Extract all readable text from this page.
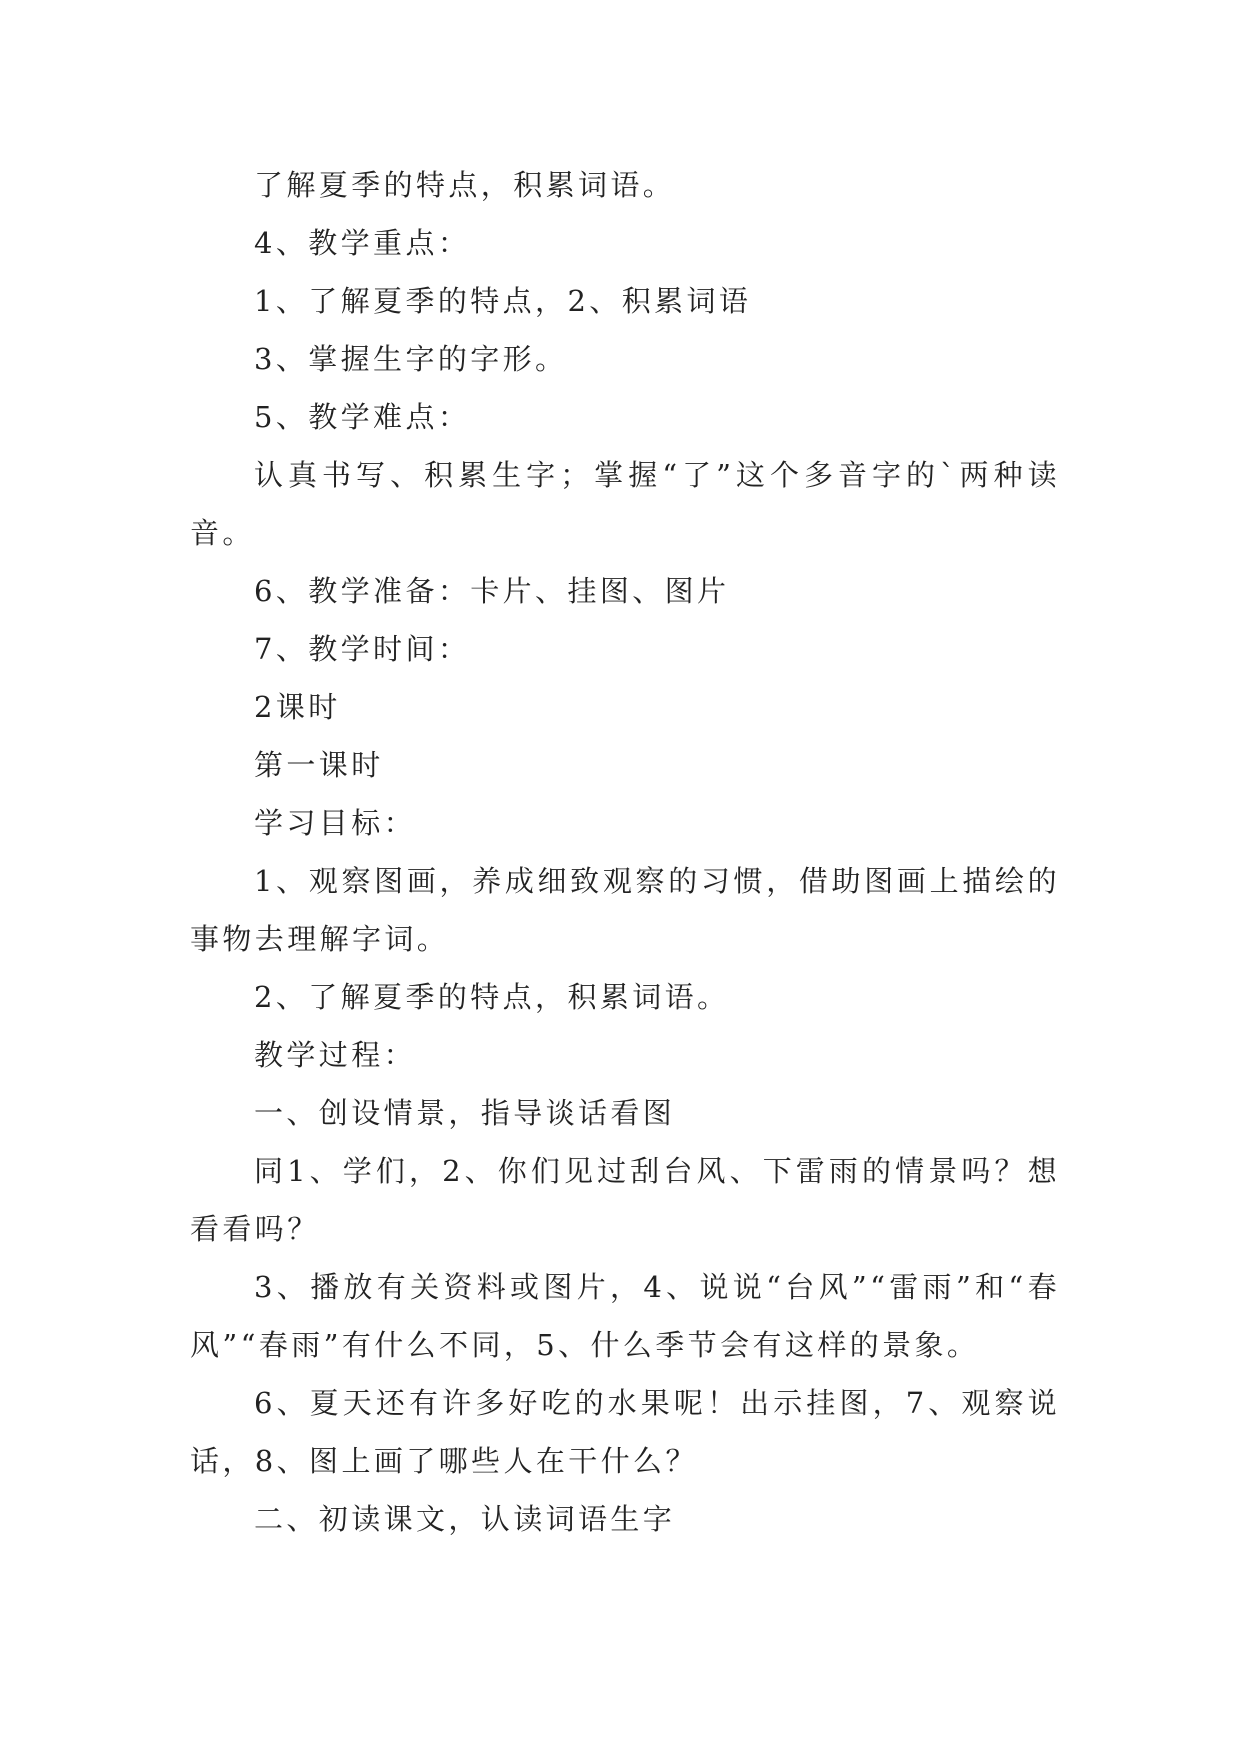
了解夏季的特点，积累词语。

4、教学重点：

1、了解夏季的特点，2、积累词语

3、掌握生字的字形。

5、教学难点：

认真书写、积累生字；掌握“了”这个多音字的`两种读音。

6、教学准备：卡片、挂图、图片

7、教学时间：

2课时

第一课时

学习目标：

1、观察图画，养成细致观察的习惯，借助图画上描绘的事物去理解字词。

2、了解夏季的特点，积累词语。

教学过程：

一、创设情景，指导谈话看图

同1、学们，2、你们见过刮台风、下雷雨的情景吗？想看看吗？

3、播放有关资料或图片，4、说说“台风”“雷雨”和“春风”“春雨”有什么不同，5、什么季节会有这样的景象。

6、夏天还有许多好吃的水果呢！出示挂图，7、观察说话，8、图上画了哪些人在干什么？

二、初读课文，认读词语生字
